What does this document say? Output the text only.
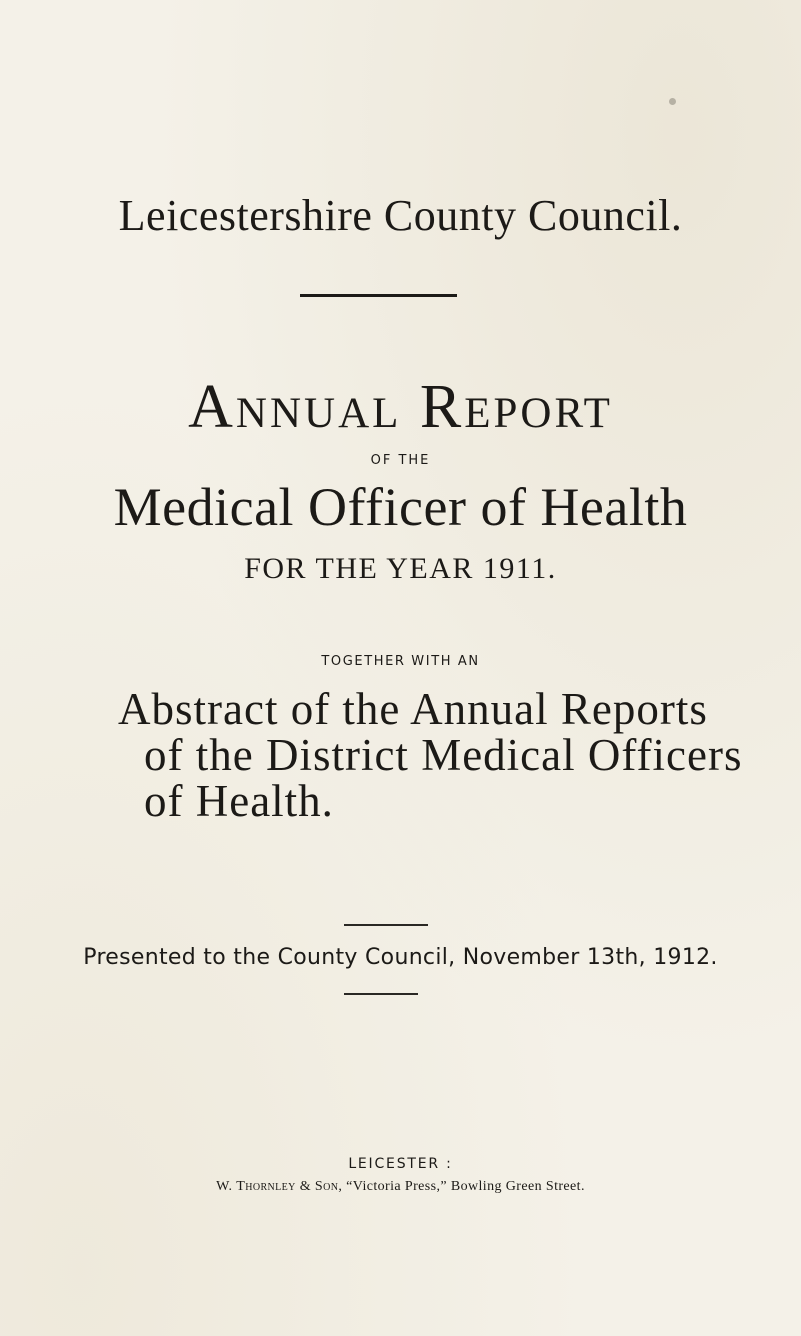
Leicestershire County Council.
Annual Report
OF THE
Medical Officer of Health
FOR THE YEAR 1911.
TOGETHER WITH AN
Abstract of the Annual Reports
of the District Medical Officers
of Health.
Presented to the County Council, November 13th, 1912.
LEICESTER :
W. Thornley & Son, “Victoria Press,” Bowling Green Street.
